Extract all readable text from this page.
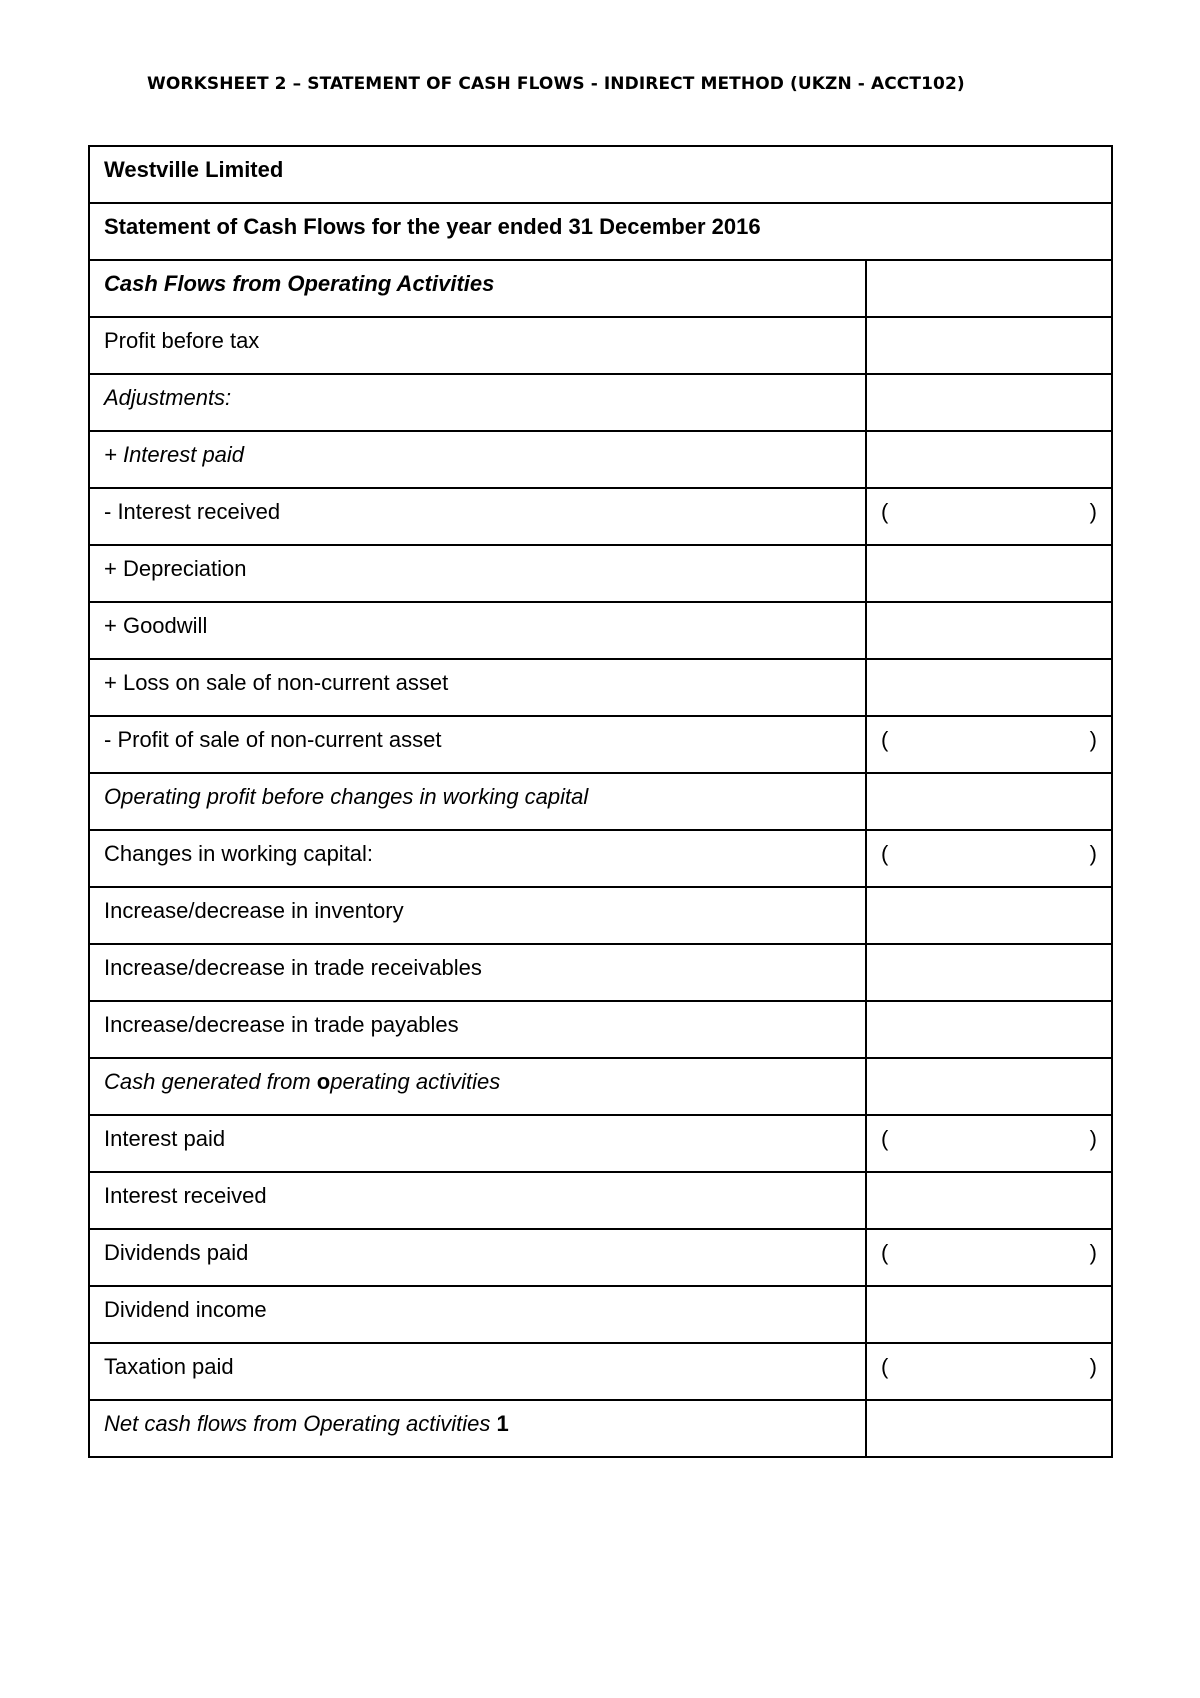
WORKSHEET 2 – STATEMENT OF CASH FLOWS - INDIRECT METHOD (UKZN - ACCT102)
Westville Limited	
Statement of Cash Flows for the year ended 31 December 2016	
Cash Flows from Operating Activities	
Profit before tax	
Adjustments:	
+ Interest paid	
- Interest received	( )

+ Depreciation	
+ Goodwill	
+ Loss on sale of non-current asset	
- Profit of sale of non-current asset	( )

Operating profit before changes in working capital	
Changes in working capital:	( )

Increase/decrease in inventory	
Increase/decrease in trade receivables	
Increase/decrease in trade payables	
Cash generated from operating activities	
Interest paid	( )

Interest received	
Dividends paid	( )

Dividend income	
Taxation paid	( )

Net cash flows from Operating activities 1	
